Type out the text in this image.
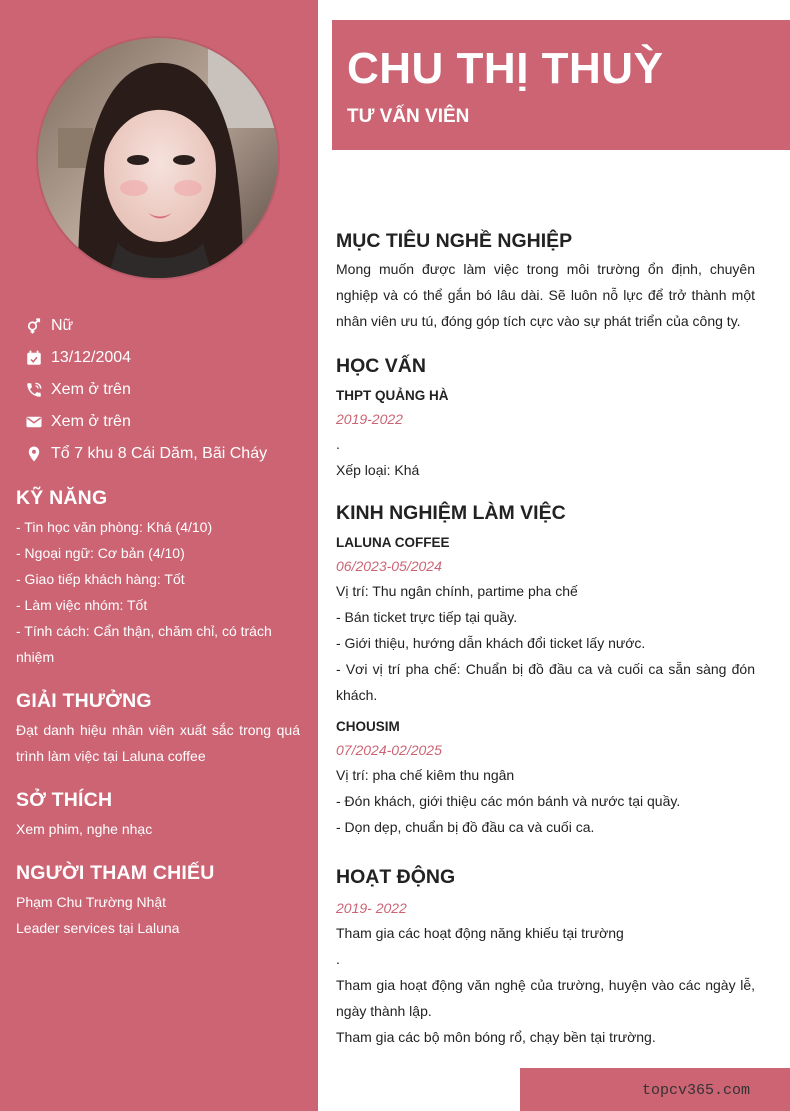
Nữ
13/12/2004
Xem ở trên
Xem ở trên
Tổ 7 khu 8 Cái Dăm, Bãi Cháy
KỸ NĂNG

- Tin học văn phòng: Khá (4/10)

- Ngoại ngữ: Cơ bản (4/10)

- Giao tiếp khách hàng: Tốt

- Làm việc nhóm: Tốt

- Tính cách: Cẩn thận, chăm chỉ, có trách nhiệm

GIẢI THƯỞNG

Đạt danh hiệu nhân viên xuất sắc trong quá trình làm việc tại Laluna coffee

SỞ THÍCH

Xem phim, nghe nhạc

NGƯỜI THAM CHIẾU

Phạm Chu Trường Nhật

Leader services tại Laluna

CHU THỊ THUỲ
TƯ VẤN VIÊN
MỤC TIÊU NGHỀ NGHIỆP

Mong muốn được làm việc trong môi trường ổn định, chuyên nghiệp và có thể gắn bó lâu dài. Sẽ luôn nỗ lực để trở thành một nhân viên ưu tú, đóng góp tích cực vào sự phát triển của công ty.

HỌC VẤN
THPT QUẢNG HÀ
2019-2022

.

Xếp loại: Khá

KINH NGHIỆM LÀM VIỆC
LALUNA COFFEE
06/2023-05/2024

Vị trí: Thu ngân chính, partime pha chế

- Bán ticket trực tiếp tại quầy.

- Giới thiệu, hướng dẫn khách đổi ticket lấy nước.

- Vơi vị trí pha chế: Chuẩn bị đồ đầu ca và cuối ca sẵn sàng đón khách.

CHOUSIM
07/2024-02/2025

Vị trí: pha chế kiêm thu ngân

- Đón khách, giới thiệu các món bánh và nước tại quầy.

- Dọn dẹp, chuẩn bị đồ đầu ca và cuối ca.

HOẠT ĐỘNG
2019- 2022

Tham gia các hoạt động năng khiếu tại trường

.

Tham gia hoạt động văn nghệ của trường, huyện vào các ngày lễ, ngày thành lập.

Tham gia các bộ môn bóng rổ, chạy bền tại trường.

topcv365.com
